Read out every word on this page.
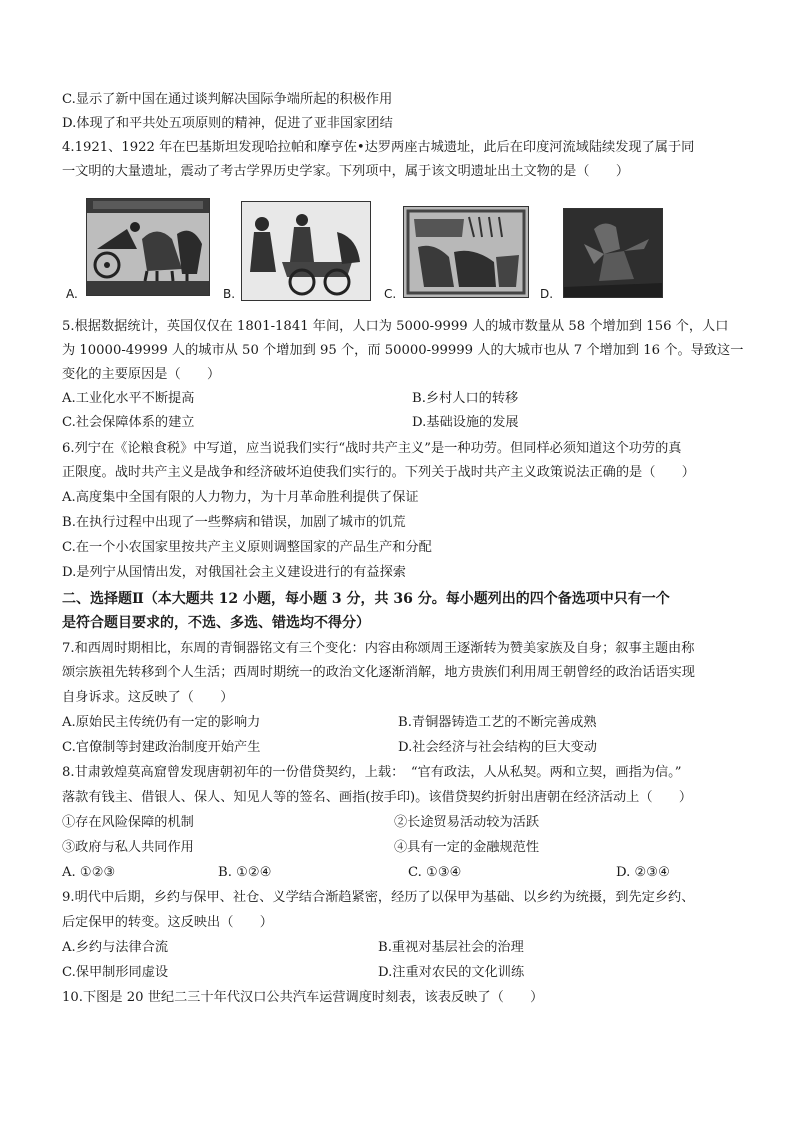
C.显示了新中国在通过谈判解决国际争端所起的积极作用
D.体现了和平共处五项原则的精神，促进了亚非国家团结
4.1921、1922 年在巴基斯坦发现哈拉帕和摩亨佐•达罗两座古城遗址，此后在印度河流域陆续发现了属于同
一文明的大量遗址，震动了考古学界历史学家。下列项中，属于该文明遗址出土文物的是（　　）
A.	B.	C.	D.
5.根据数据统计，英国仅仅在 1801-1841 年间，人口为 5000-9999 人的城市数量从 58 个增加到 156 个，人口
为 10000-49999 人的城市从 50 个增加到 95 个，而 50000-99999 人的大城市也从 7 个增加到 16 个。导致这一
变化的主要原因是（　　）
A.工业化水平不断提高	B.乡村人口的转移
C.社会保障体系的建立	D.基础设施的发展
6.列宁在《论粮食税》中写道，应当说我们实行“战时共产主义”是一种功劳。但同样必须知道这个功劳的真
正限度。战时共产主义是战争和经济破坏迫使我们实行的。下列关于战时共产主义政策说法正确的是（　　）
A.高度集中全国有限的人力物力，为十月革命胜利提供了保证
B.在执行过程中出现了一些弊病和错误，加剧了城市的饥荒
C.在一个小农国家里按共产主义原则调整国家的产品生产和分配
D.是列宁从国情出发，对俄国社会主义建设进行的有益探索
二、选择题Ⅱ（本大题共 12 小题，每小题 3 分，共 36 分。每小题列出的四个备选项中只有一个
是符合题目要求的，不选、多选、错选均不得分）
7.和西周时期相比，东周的青铜器铭文有三个变化：内容由称颂周王逐渐转为赞美家族及自身；叙事主题由称
颂宗族祖先转移到个人生活；西周时期统一的政治文化逐渐消解，地方贵族们利用周王朝曾经的政治话语实现
自身诉求。这反映了（　　）
A.原始民主传统仍有一定的影响力	B.青铜器铸造工艺的不断完善成熟
C.官僚制等封建政治制度开始产生	D.社会经济与社会结构的巨大变动
8.甘肃敦煌莫高窟曾发现唐朝初年的一份借贷契约，上载：　“官有政法，人从私契。两和立契，画指为信。”
落款有钱主、借银人、保人、知见人等的签名、画指(按手印)。该借贷契约折射出唐朝在经济活动上（　　）
①存在风险保障的机制	②长途贸易活动较为活跃
③政府与私人共同作用	④具有一定的金融规范性
A. ①②③	B. ①②④	C. ①③④	D. ②③④
9.明代中后期，乡约与保甲、社仓、义学结合渐趋紧密，经历了以保甲为基础、以乡约为统摄，到先定乡约、
后定保甲的转变。这反映出（　　）
A.乡约与法律合流	B.重视对基层社会的治理
C.保甲制形同虚设	D.注重对农民的文化训练
10.下图是 20 世纪二三十年代汉口公共汽车运营调度时刻表，该表反映了（　　）
